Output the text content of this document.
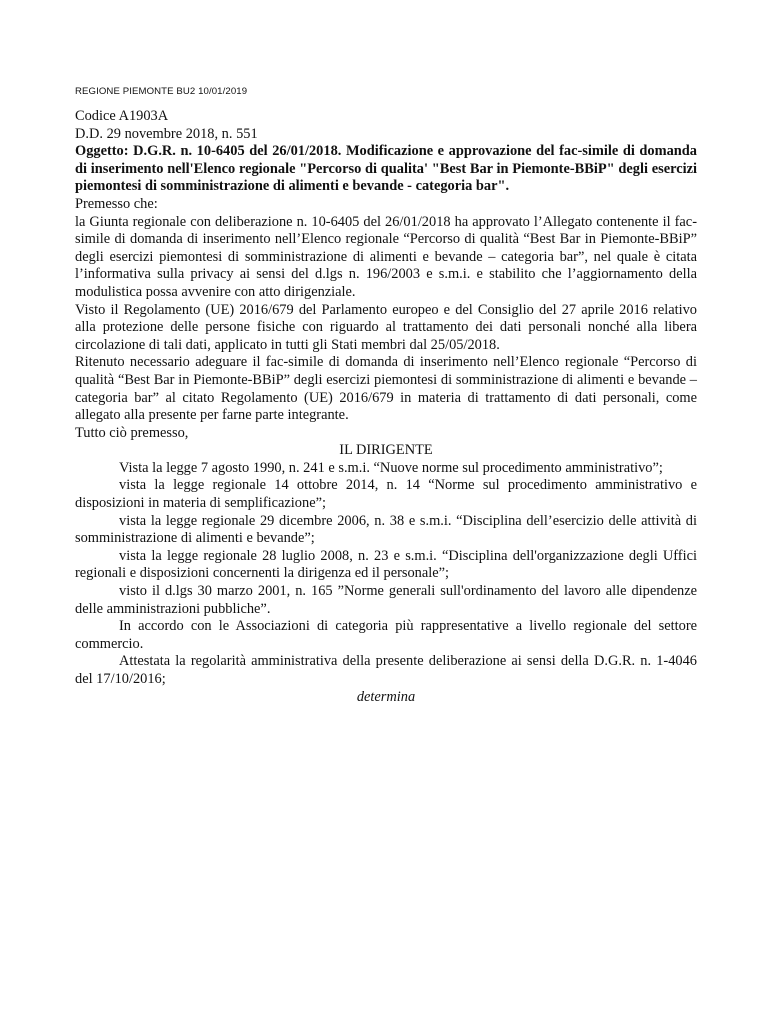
REGIONE PIEMONTE BU2 10/01/2019

Codice A1903A

D.D. 29 novembre 2018, n. 551

Oggetto: D.G.R. n. 10-6405 del 26/01/2018. Modificazione e approvazione del fac-simile di domanda di inserimento nell'Elenco regionale "Percorso di qualita' "Best Bar in Piemonte-BBiP" degli esercizi piemontesi di somministrazione di alimenti e bevande - categoria bar".

Premesso che:

la Giunta regionale con deliberazione n. 10-6405 del 26/01/2018 ha approvato l’Allegato contenente il fac-simile di domanda di inserimento nell’Elenco regionale “Percorso di qualità “Best Bar in Piemonte-BBiP” degli esercizi piemontesi di somministrazione di alimenti e bevande – categoria bar”, nel quale è citata l’informativa sulla privacy ai sensi del d.lgs n. 196/2003 e s.m.i. e stabilito che l’aggiornamento della modulistica possa avvenire con atto dirigenziale.

Visto il Regolamento (UE) 2016/679 del Parlamento europeo e del Consiglio del 27 aprile 2016 relativo alla protezione delle persone fisiche con riguardo al trattamento dei dati personali nonché alla libera circolazione di tali dati, applicato in tutti gli Stati membri dal 25/05/2018.

Ritenuto necessario adeguare il fac-simile di domanda di inserimento nell’Elenco regionale “Percorso di qualità “Best Bar in Piemonte-BBiP” degli esercizi piemontesi di somministrazione di alimenti e bevande – categoria bar” al citato Regolamento (UE) 2016/679 in materia di trattamento di dati personali, come allegato alla presente per farne parte integrante.

Tutto ciò premesso,

IL DIRIGENTE

Vista la legge 7 agosto 1990, n. 241 e s.m.i. “Nuove norme sul procedimento amministrativo”;

vista la legge regionale 14 ottobre 2014, n. 14 “Norme sul procedimento amministrativo e disposizioni in materia di semplificazione”;

vista la legge regionale 29 dicembre 2006, n. 38 e s.m.i. “Disciplina dell’esercizio delle attività di somministrazione di alimenti e bevande”;

vista la legge regionale 28 luglio 2008, n. 23 e s.m.i. “Disciplina dell'organizzazione degli Uffici regionali e disposizioni concernenti la dirigenza ed il personale”;

visto il d.lgs 30 marzo 2001, n. 165 ”Norme generali sull'ordinamento del lavoro alle dipendenze delle amministrazioni pubbliche”.

In accordo con le Associazioni di categoria più rappresentative a livello regionale del settore commercio.

Attestata la regolarità amministrativa della presente deliberazione ai sensi della D.G.R. n. 1-4046 del 17/10/2016;

determina
